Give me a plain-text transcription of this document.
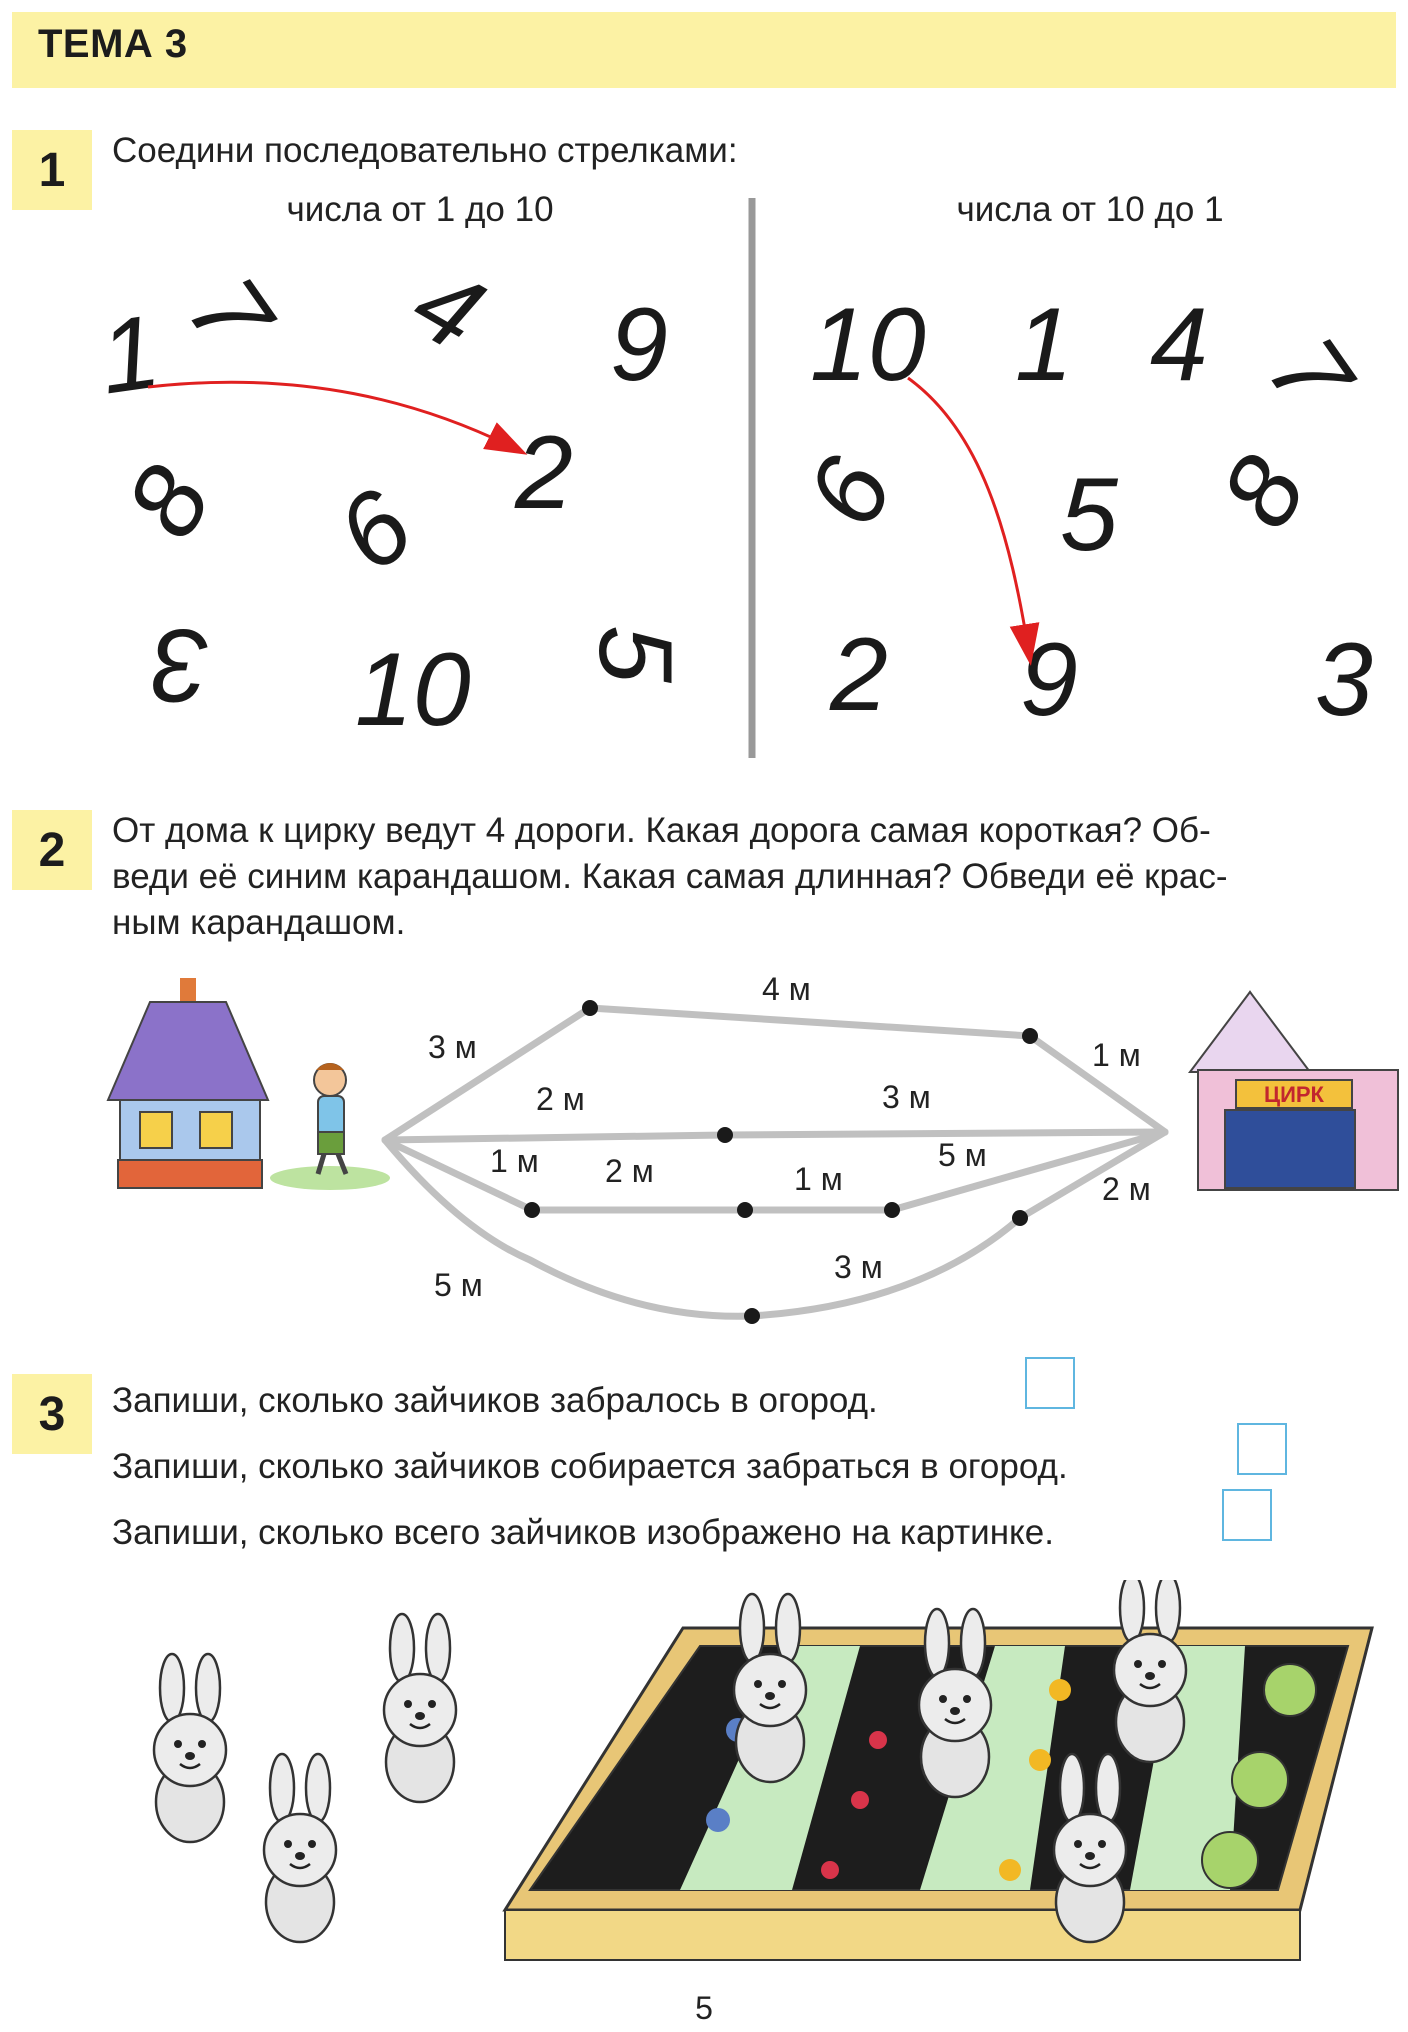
ТЕМА 3
1	Соедини последовательно стрелками:
числа от 1 до 10	числа от 10 до 1
1 7 4 9
2
8 6
3 10 5
10 1 4 7
6 5 8
2 9 3
2	От дома к цирку ведут 4 дороги. Какая дорога самая короткая? Об-
веди её синим карандашом. Какая самая длинная? Обведи её крас-
ным карандашом.
ЦИРК
3 м
4 м
1 м
2 м	3 м
1 м 2 м	1 м
5 м
2 м
5 м	3 м
3	Запиши, сколько зайчиков забралось в огород.
Запиши, сколько зайчиков собирается забраться в огород.
Запиши, сколько всего зайчиков изображено на картинке.
5
